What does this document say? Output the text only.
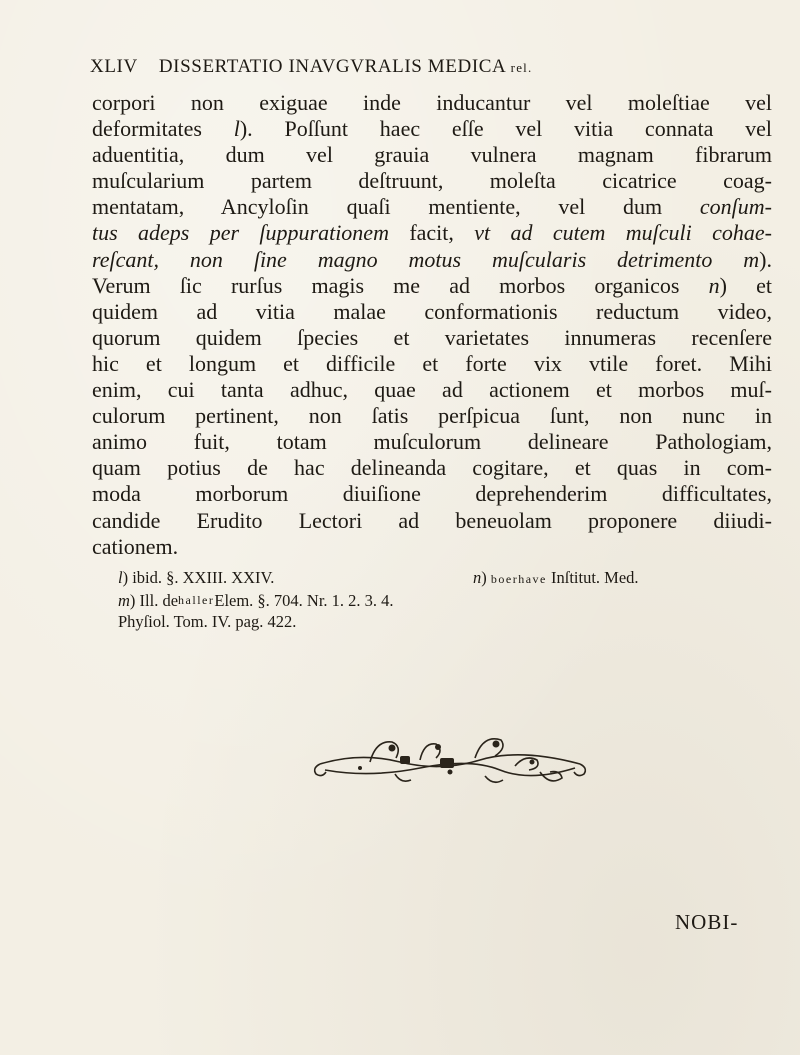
XLIV DISSERTATIO INAVGVRALIS MEDICA rel.
corpori non exiguae inde inducantur vel moleſtiae vel
deformitates l). Poſſunt haec eſſe vel vitia connata vel
aduentitia, dum vel grauia vulnera magnam fibrarum
muſcularium partem deſtruunt, moleſta cicatrice coag-
mentatam, Ancyloſin quaſi mentiente, vel dum conſum-
tus adeps per ſuppurationem facit, vt ad cutem muſculi cohae-
reſcant, non ſine magno motus muſcularis detrimento m).
Verum ſic rurſus magis me ad morbos organicos n) et
quidem ad vitia malae conformationis reductum video,
quorum quidem ſpecies et varietates innumeras recenſere
hic et longum et difficile et forte vix vtile foret. Mihi
enim, cui tanta adhuc, quae ad actionem et morbos muſ-
culorum pertinent, non ſatis perſpicua ſunt, non nunc in
animo fuit, totam muſculorum delineare Pathologiam,
quam potius de hac delineanda cogitare, et quas in com-
moda morborum diuiſione deprehenderim difficultates,
candide Erudito Lectori ad beneuolam proponere diiudi-
cationem.
l) ibid. §. XXIII. XXIV.	n) boerhave Inſtitut. Med.
m ) Ill. de haller Elem. §. 704. Nr. 1. 2. 3. 4.
Phyſiol. Tom. IV. pag. 422.
NOBI-
